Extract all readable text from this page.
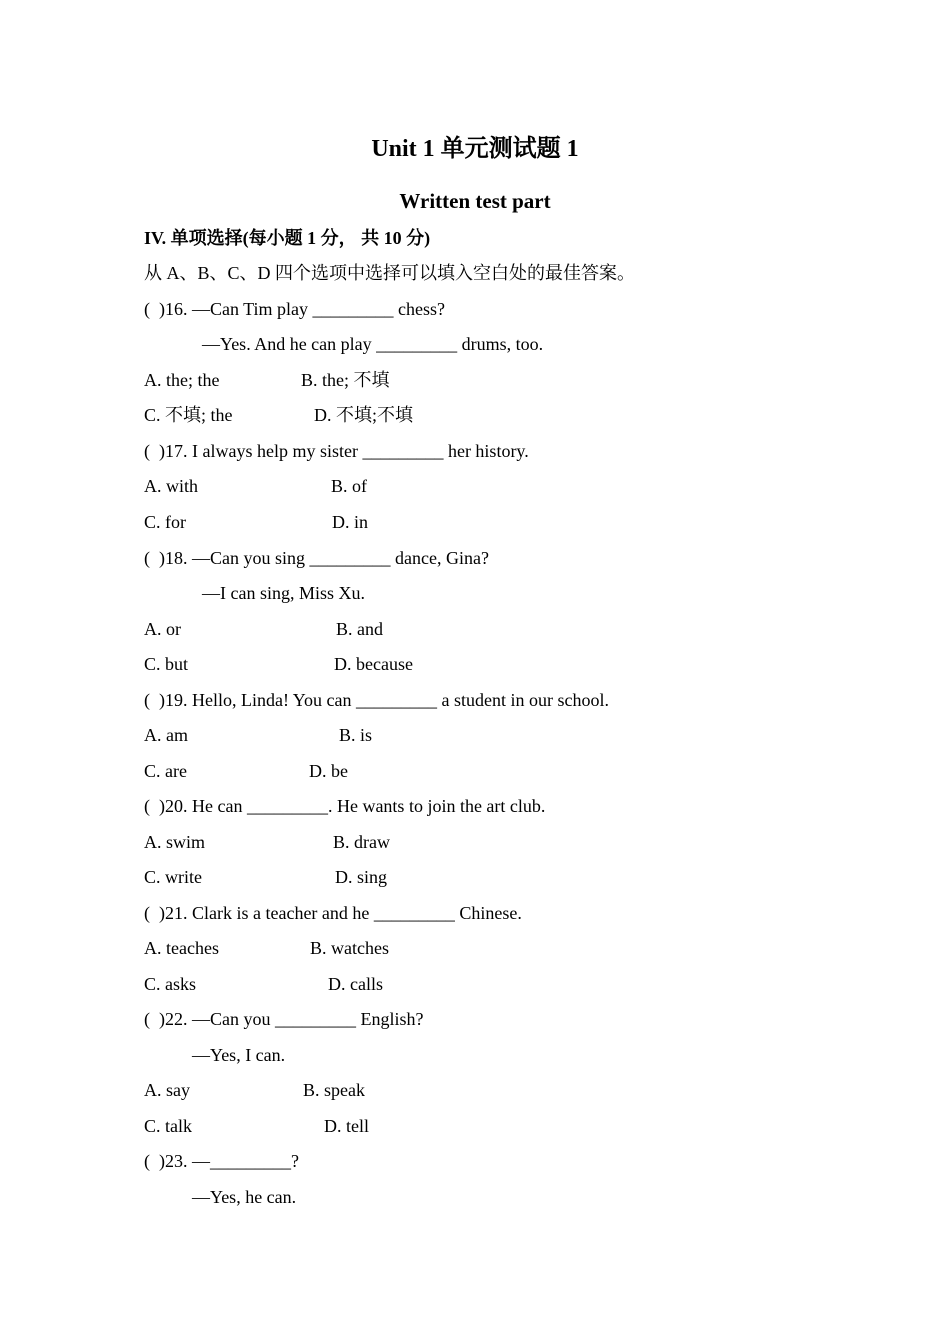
Unit 1 单元测试题 1
Written test part
IV. 单项选择(每小题 1 分， 共 10 分)
从 A、B、C、D 四个选项中选择可以填入空白处的最佳答案。
(  )16. —Can Tim play _________ chess?
—Yes. And he can play _________ drums, too.
A. the; the	B. the; 不填
C. 不填; the	D. 不填;不填
(  )17. I always help my sister _________ her history.
A. with	B. of
C. for	D. in
(  )18. —Can you sing _________ dance, Gina?
—I can sing, Miss Xu.
A. or	B. and
C. but	D. because
(  )19. Hello, Linda! You can _________ a student in our school.
A. am	B. is
C. are	D. be
(  )20. He can _________. He wants to join the art club.
A. swim	B. draw
C. write	D. sing
(  )21. Clark is a teacher and he _________ Chinese.
A. teaches	B. watches
C. asks	D. calls
(  )22. —Can you _________ English?
—Yes, I can.
A. say	B. speak
C. talk	D. tell
(  )23. —_________?
—Yes, he can.
